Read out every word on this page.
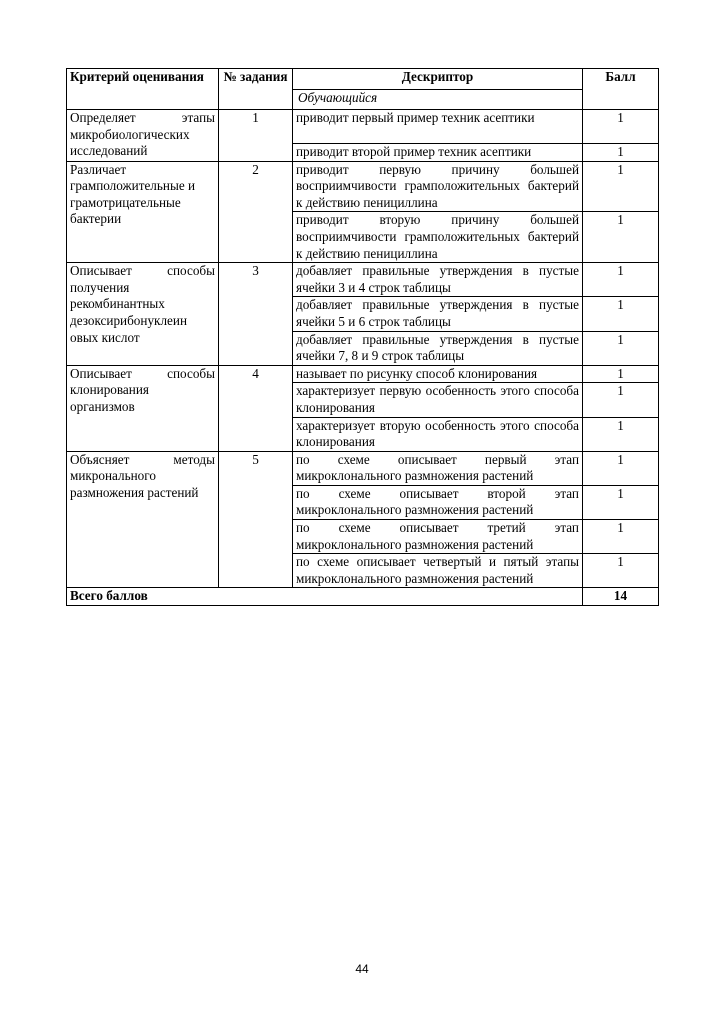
Критерий оценивания	№ задания	Дескриптор	Балл
		Обучающийся	
Определяет этапы микробиологических исследований	1	приводит первый пример техник асептики	1
		приводит второй пример техник асептики	1
Различает грамположительные и грамотрицательные бактерии	2	приводит первую причину большей восприимчивости грамположительных бактерий к действию пенициллина	1
		приводит вторую причину большей восприимчивости грамположительных бактерий к действию пенициллина	1
Описывает способы получения рекомбинантных дезоксирибонуклеин овых кислот	3	добавляет правильные утверждения в пустые ячейки 3 и 4 строк таблицы	1
		добавляет правильные утверждения в пустые ячейки 5 и 6 строк таблицы	1
		добавляет правильные утверждения в пустые ячейки 7, 8 и 9 строк таблицы	1
Описывает способы клонирования организмов	4	называет по рисунку способ клонирования	1
		характеризует первую особенность этого способа клонирования	1
		характеризует вторую особенность этого способа клонирования	1
Объясняет методы микронального размножения растений	5	по схеме описывает первый этап микроклонального размножения растений	1
		по схеме описывает второй этап микроклонального размножения растений	1
		по схеме описывает третий этап микроклонального размножения растений	1
		по схеме описывает четвертый и пятый этапы микроклонального размножения растений	1
Всего баллов			14
44
